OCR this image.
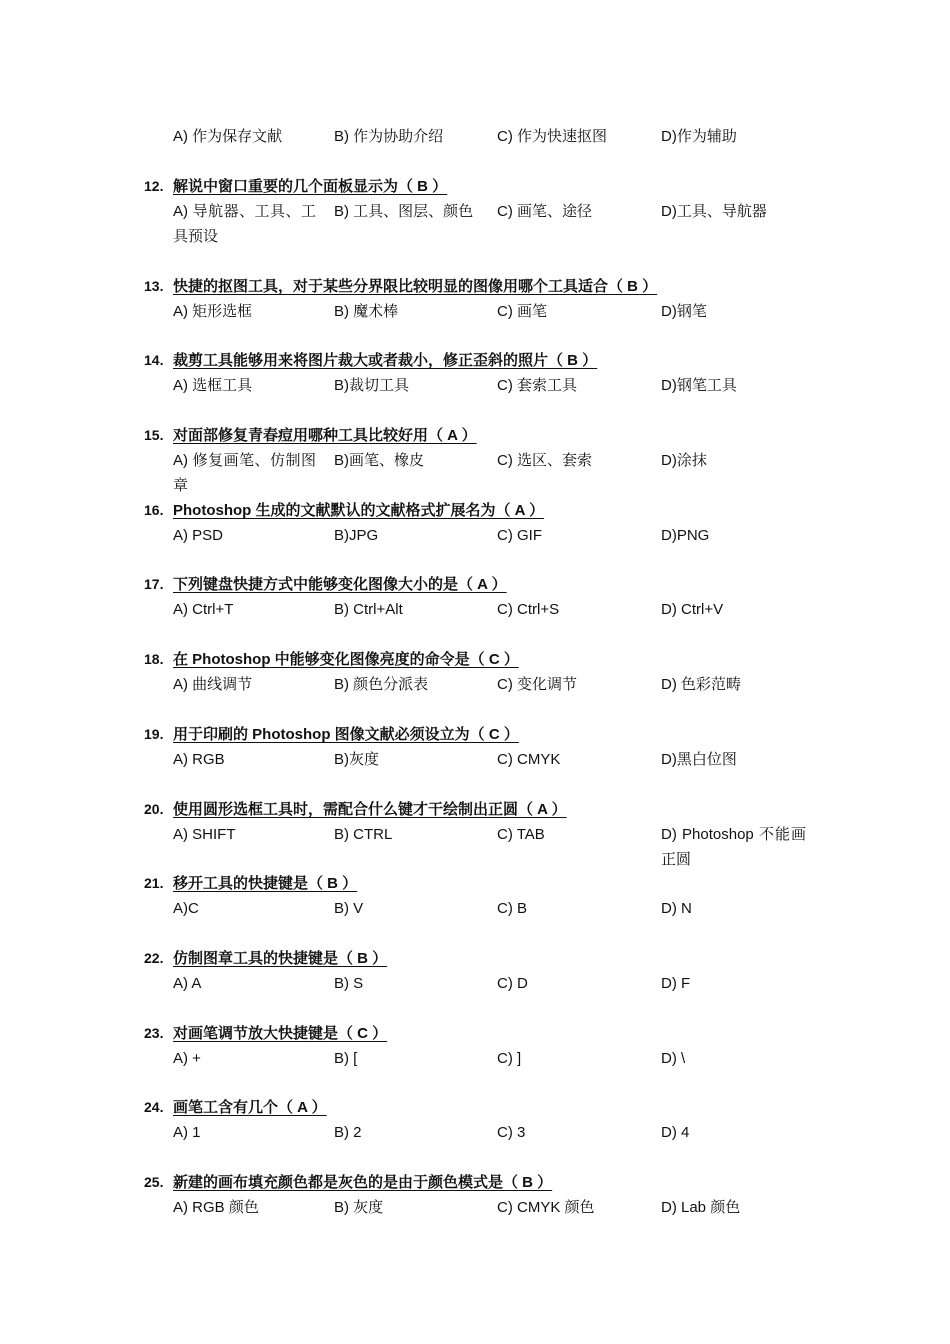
A) 作为保存文献	B) 作为协助介绍	C) 作为快速抠图	D)作为辅助
12. 解说中窗口重要的几个面板显示为（ B ）
A) 导航器、工具、工具预设
B) 工具、图层、颜色	C) 画笔、途径	D)工具、导航器
13. 快捷的抠图工具，对于某些分界限比较明显的图像用哪个工具适合（ B ）
A) 矩形选框	B) 魔术棒	C) 画笔	D)钢笔
14. 裁剪工具能够用来将图片裁大或者裁小，修正歪斜的照片（ B ）
A) 选框工具	B)裁切工具	C) 套索工具	D)钢笔工具
15. 对面部修复青春痘用哪种工具比较好用（ A ）
A) 修复画笔、仿制图章
B)画笔、橡皮	C) 选区、套索	D)涂抹
16. Photoshop 生成的文献默认的文献格式扩展名为（ A ）
A) PSD	B)JPG	C) GIF	D)PNG
17. 下列键盘快捷方式中能够变化图像大小的是（ A ）
A) Ctrl+T	B) Ctrl+Alt	C) Ctrl+S	D) Ctrl+V
18. 在 Photoshop 中能够变化图像亮度的命令是（ C ）
A) 曲线调节	B) 颜色分派表	C) 变化调节	D) 色彩范畴
19. 用于印刷的 Photoshop 图像文献必须设立为（ C ）
A) RGB	B)灰度	C) CMYK	D)黑白位图
20. 使用圆形选框工具时，需配合什么键才干绘制出正圆（ A ）
A) SHIFT	B) CTRL	C) TAB	D) Photoshop 不能画正圆
21. 移开工具的快捷键是（ B ）
A)C	B) V	C) B	D) N
22. 仿制图章工具的快捷键是（ B ）
A) A	B) S	C) D	D) F
23. 对画笔调节放大快捷键是（ C ）
A) +	B) [	C) ]	D) \
24. 画笔工含有几个（ A ）
A) 1	B) 2	C) 3	D) 4
25. 新建的画布填充颜色都是灰色的是由于颜色模式是（ B ）
A) RGB 颜色	B) 灰度	C) CMYK 颜色	D) Lab 颜色
